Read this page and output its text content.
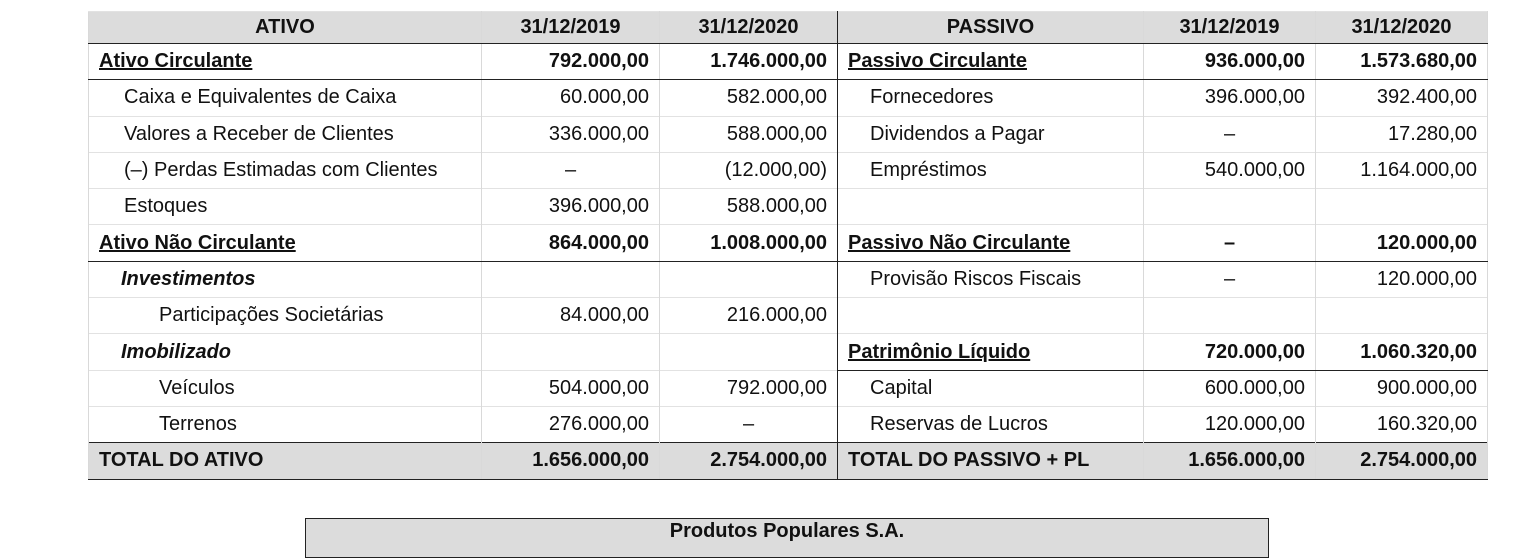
ATIVO	31/12/2019	31/12/2020	PASSIVO	31/12/2019	31/12/2020
Ativo Circulante	792.000,00	1.746.000,00	Passivo Circulante	936.000,00	1.573.680,00
Caixa e Equivalentes de Caixa	60.000,00	582.000,00	Fornecedores	396.000,00	392.400,00
Valores a Receber de Clientes	336.000,00	588.000,00	Dividendos a Pagar	–	17.280,00
(–) Perdas Estimadas com Clientes	–	(12.000,00)	Empréstimos	540.000,00	1.164.000,00
Estoques	396.000,00	588.000,00			
Ativo Não Circulante	864.000,00	1.008.000,00	Passivo Não Circulante	–	120.000,00
Investimentos			Provisão Riscos Fiscais	–	120.000,00
Participações Societárias	84.000,00	216.000,00			
Imobilizado			Patrimônio Líquido	720.000,00	1.060.320,00
Veículos	504.000,00	792.000,00	Capital	600.000,00	900.000,00
Terrenos	276.000,00	–	Reservas de Lucros	120.000,00	160.320,00
TOTAL DO ATIVO	1.656.000,00	2.754.000,00	TOTAL DO PASSIVO + PL	1.656.000,00	2.754.000,00
Produtos Populares S.A.
